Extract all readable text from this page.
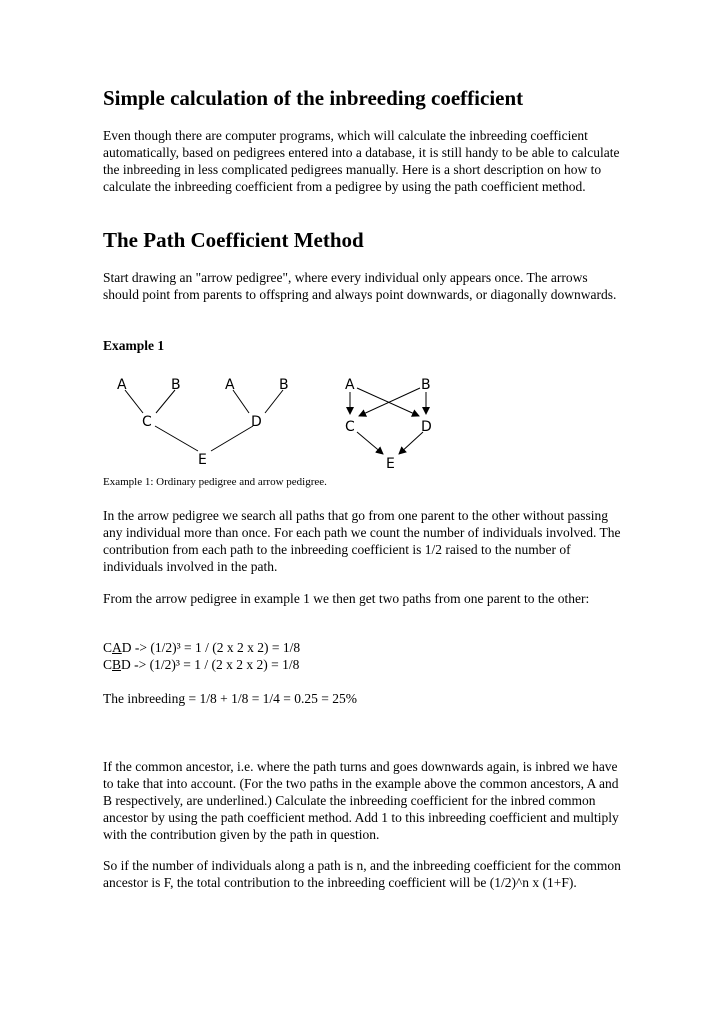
Simple calculation of the inbreeding coefficient

Even though there are computer programs, which will calculate the inbreeding coefficient automatically, based on pedigrees entered into a database, it is still handy to be able to calculate the inbreeding in less complicated pedigrees manually. Here is a short description on how to calculate the inbreeding coefficient from a pedigree by using the path coefficient method.

The Path Coefficient Method

Start drawing an "arrow pedigree", where every individual only appears once. The arrows should point from parents to offspring and always point downwards, or diagonally downwards.

Example 1

A	B	A	B
C	D
E
A	B
C	D
E

Example 1: Ordinary pedigree and arrow pedigree.

In the arrow pedigree we search all paths that go from one parent to the other without passing any individual more than once. For each path we count the number of individuals involved. The contribution from each path to the inbreeding coefficient is 1/2 raised to the number of individuals involved in the path.

From the arrow pedigree in example 1 we then get two paths from one parent to the other:

CAD -> (1/2)³ = 1 / (2 x 2 x 2) = 1/8

CBD -> (1/2)³ = 1 / (2 x 2 x 2) = 1/8

The inbreeding = 1/8 + 1/8 = 1/4 = 0.25 = 25%

If the common ancestor, i.e. where the path turns and goes downwards again, is inbred we have to take that into account. (For the two paths in the example above the common ancestors, A and B respectively, are underlined.) Calculate the inbreeding coefficient for the inbred common ancestor by using the path coefficient method. Add 1 to this inbreeding coefficient and multiply with the contribution given by the path in question.

So if the number of individuals along a path is n, and the inbreeding coefficient for the common ancestor is F, the total contribution to the inbreeding coefficient will be (1/2)^n x (1+F).
